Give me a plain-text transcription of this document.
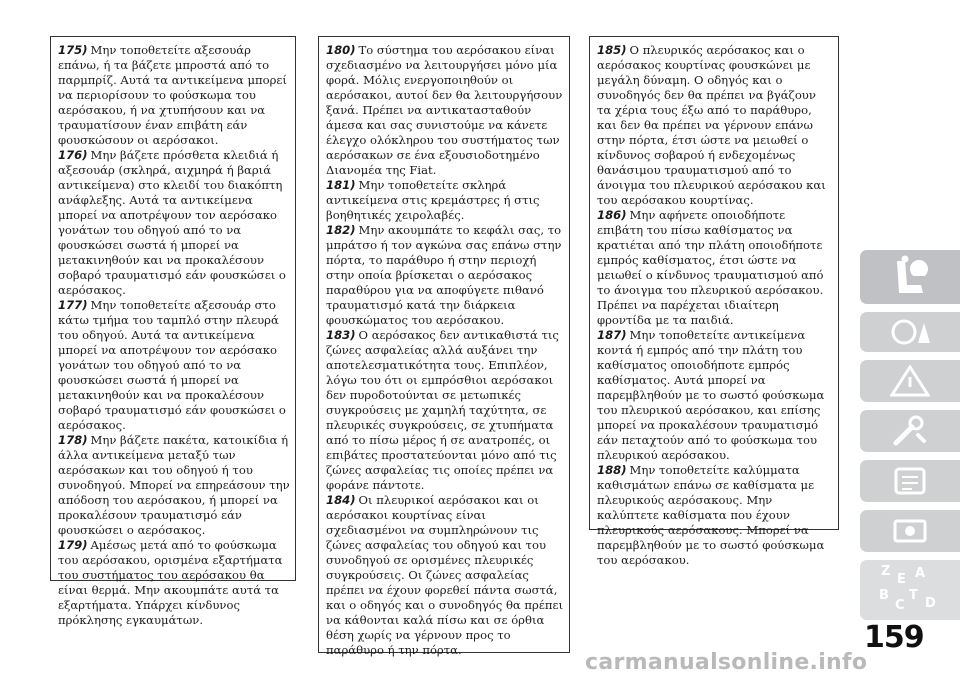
175) Μην τοποθετείτε αξεσουάρ επάνω, ή τα βάζετε μπροστά από το παρμπρίζ. Αυτά τα αντικείμενα μπορεί να περιορίσουν το φούσκωμα του αερόσακου, ή να χτυπήσουν και να τραυματίσουν έναν επιβάτη εάν φουσκώσουν οι αερόσακοι.

176) Μην βάζετε πρόσθετα κλειδιά ή αξεσουάρ (σκληρά, αιχμηρά ή βαριά αντικείμενα) στο κλειδί του διακόπτη ανάφλεξης. Αυτά τα αντικείμενα μπορεί να αποτρέψουν τον αερόσακο γονάτων του οδηγού από το να φουσκώσει σωστά ή μπορεί να μετακινηθούν και να προκαλέσουν σοβαρό τραυματισμό εάν φουσκώσει ο αερόσακος.

177) Μην τοποθετείτε αξεσουάρ στο κάτω τμήμα του ταμπλό στην πλευρά του οδηγού. Αυτά τα αντικείμενα μπορεί να αποτρέψουν τον αερόσακο γονάτων του οδηγού από το να φουσκώσει σωστά ή μπορεί να μετακινηθούν και να προκαλέσουν σοβαρό τραυματισμό εάν φουσκώσει ο αερόσακος.

178) Μην βάζετε πακέτα, κατοικίδια ή άλλα αντικείμενα μεταξύ των αερόσακων και του οδηγού ή του συνοδηγού. Μπορεί να επηρεάσουν την απόδοση του αερόσακου, ή μπορεί να προκαλέσουν τραυματισμό εάν φουσκώσει ο αερόσακος.

179) Αμέσως μετά από το φούσκωμα του αερόσακου, ορισμένα εξαρτήματα του συστήματος του αερόσακου θα είναι θερμά. Μην ακουμπάτε αυτά τα εξαρτήματα. Υπάρχει κίνδυνος πρόκλησης εγκαυμάτων.

180) Το σύστημα του αερόσακου είναι σχεδιασμένο να λειτουργήσει μόνο μία φορά. Μόλις ενεργοποιηθούν οι αερόσακοι, αυτοί δεν θα λειτουργήσουν ξανά. Πρέπει να αντικατασταθούν άμεσα και σας συνιστούμε να κάνετε έλεγχο ολόκληρου του συστήματος των αερόσακων σε ένα εξουσιοδοτημένο Διανομέα της Fiat.

181) Μην τοποθετείτε σκληρά αντικείμενα στις κρεμάστρες ή στις βοηθητικές χειρολαβές.

182) Μην ακουμπάτε το κεφάλι σας, το μπράτσο ή τον αγκώνα σας επάνω στην πόρτα, το παράθυρο ή στην περιοχή στην οποία βρίσκεται ο αερόσακος παραθύρου για να αποφύγετε πιθανό τραυματισμό κατά την διάρκεια φουσκώματος του αερόσακου.

183) Ο αερόσακος δεν αντικαθιστά τις ζώνες ασφαλείας αλλά αυξάνει την αποτελεσματικότητα τους. Επιπλέον, λόγω του ότι οι εμπρόσθιοι αερόσακοι δεν πυροδοτούνται σε μετωπικές συγκρούσεις με χαμηλή ταχύτητα, σε πλευρικές συγκρούσεις, σε χτυπήματα από το πίσω μέρος ή σε ανατροπές, οι επιβάτες προστατεύονται μόνο από τις ζώνες ασφαλείας τις οποίες πρέπει να φοράνε πάντοτε.

184) Οι πλευρικοί αερόσακοι και οι αερόσακοι κουρτίνας είναι σχεδιασμένοι να συμπληρώνουν τις ζώνες ασφαλείας του οδηγού και του συνοδηγού σε ορισμένες πλευρικές συγκρούσεις. Οι ζώνες ασφαλείας πρέπει να έχουν φορεθεί πάντα σωστά, και ο οδηγός και ο συνοδηγός θα πρέπει να κάθονται καλά πίσω και σε όρθια θέση χωρίς να γέρνουν προς το παράθυρο ή την πόρτα.

185) Ο πλευρικός αερόσακος και ο αερόσακος κουρτίνας φουσκώνει με μεγάλη δύναμη. Ο οδηγός και ο συνοδηγός δεν θα πρέπει να βγάζουν τα χέρια τους έξω από το παράθυρο, και δεν θα πρέπει να γέρνουν επάνω στην πόρτα, έτσι ώστε να μειωθεί ο κίνδυνος σοβαρού ή ενδεχομένως θανάσιμου τραυματισμού από το άνοιγμα του πλευρικού αερόσακου και του αερόσακου κουρτίνας.

186) Μην αφήνετε οποιοδήποτε επιβάτη του πίσω καθίσματος να κρατιέται από την πλάτη οποιοδήποτε εμπρός καθίσματος, έτσι ώστε να μειωθεί ο κίνδυνος τραυματισμού από το άνοιγμα του πλευρικού αερόσακου. Πρέπει να παρέχεται ιδιαίτερη φροντίδα με τα παιδιά.

187) Μην τοποθετείτε αντικείμενα κοντά ή εμπρός από την πλάτη του καθίσματος οποιοδήποτε εμπρός καθίσματος. Αυτά μπορεί να παρεμβληθούν με το σωστό φούσκωμα του πλευρικού αερόσακου, και επίσης μπορεί να προκαλέσουν τραυματισμό εάν πεταχτούν από το φούσκωμα του πλευρικού αερόσακου.

188) Μην τοποθετείτε καλύμματα καθισμάτων επάνω σε καθίσματα με πλευρικούς αερόσακους. Μην καλύπτετε καθίσματα που έχουν πλευρικούς αερόσακους. Μπορεί να παρεμβληθούν με το σωστό φούσκωμα του αερόσακου.

Z
E A
B
C
T
D
159
carmanualsonline.info
